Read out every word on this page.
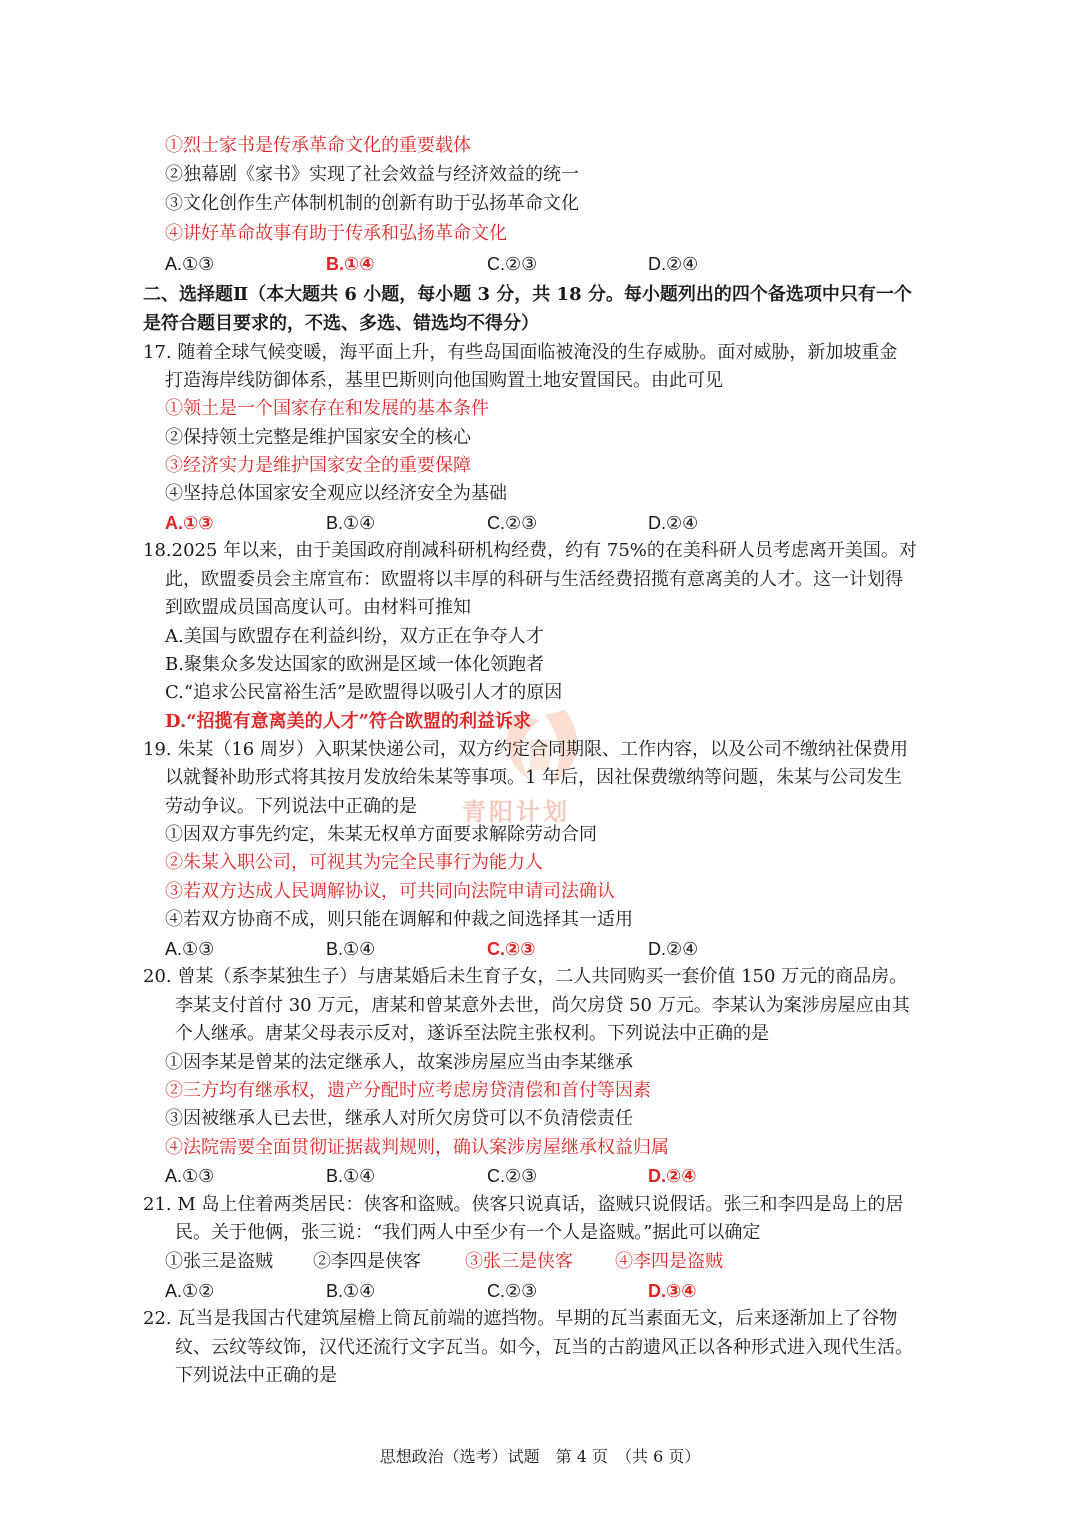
青阳计划
①烈士家书是传承革命文化的重要载体
②独幕剧《家书》实现了社会效益与经济效益的统一
③文化创作生产体制机制的创新有助于弘扬革命文化
④讲好革命故事有助于传承和弘扬革命文化
A.①③	B.①④	C.②③	D.②④
二、选择题Ⅱ（本大题共 6 小题，每小题 3 分，共 18 分。每小题列出的四个备选项中只有一个
是符合题目要求的，不选、多选、错选均不得分）
17. 随着全球气候变暖，海平面上升，有些岛国面临被淹没的生存威胁。面对威胁，新加坡重金
打造海岸线防御体系，基里巴斯则向他国购置土地安置国民。由此可见
①领土是一个国家存在和发展的基本条件
②保持领土完整是维护国家安全的核心
③经济实力是维护国家安全的重要保障
④坚持总体国家安全观应以经济安全为基础
A.①③	B.①④	C.②③	D.②④
18.2025 年以来，由于美国政府削减科研机构经费，约有 75%的在美科研人员考虑离开美国。对
此，欧盟委员会主席宣布：欧盟将以丰厚的科研与生活经费招揽有意离美的人才。这一计划得
到欧盟成员国高度认可。由材料可推知
A.美国与欧盟存在利益纠纷，双方正在争夺人才
B.聚集众多发达国家的欧洲是区域一体化领跑者
C.“追求公民富裕生活”是欧盟得以吸引人才的原因
D.“招揽有意离美的人才”符合欧盟的利益诉求
19. 朱某（16 周岁）入职某快递公司，双方约定合同期限、工作内容，以及公司不缴纳社保费用
以就餐补助形式将其按月发放给朱某等事项。1 年后，因社保费缴纳等问题，朱某与公司发生
劳动争议。下列说法中正确的是
①因双方事先约定，朱某无权单方面要求解除劳动合同
②朱某入职公司，可视其为完全民事行为能力人
③若双方达成人民调解协议，可共同向法院申请司法确认
④若双方协商不成，则只能在调解和仲裁之间选择其一适用
A.①③	B.①④	C.②③	D.②④
20. 曾某（系李某独生子）与唐某婚后未生育子女，二人共同购买一套价值 150 万元的商品房。
李某支付首付 30 万元，唐某和曾某意外去世，尚欠房贷 50 万元。李某认为案涉房屋应由其
个人继承。唐某父母表示反对，遂诉至法院主张权利。下列说法中正确的是
①因李某是曾某的法定继承人，故案涉房屋应当由李某继承
②三方均有继承权，遗产分配时应考虑房贷清偿和首付等因素
③因被继承人已去世，继承人对所欠房贷可以不负清偿责任
④法院需要全面贯彻证据裁判规则，确认案涉房屋继承权益归属
A.①③	B.①④	C.②③	D.②④
21. M 岛上住着两类居民：侠客和盗贼。侠客只说真话，盗贼只说假话。张三和李四是岛上的居
民。关于他俩，张三说：“我们两人中至少有一个人是盗贼。”据此可以确定
①张三是盗贼 ②李四是侠客 ③张三是侠客 ④李四是盗贼
A.①②	B.①④	C.②③	D.③④
22. 瓦当是我国古代建筑屋檐上筒瓦前端的遮挡物。早期的瓦当素面无文，后来逐渐加上了谷物
纹、云纹等纹饰，汉代还流行文字瓦当。如今，瓦当的古韵遗风正以各种形式进入现代生活。
下列说法中正确的是
思想政治（选考）试题　第 4 页　（共 6 页）
